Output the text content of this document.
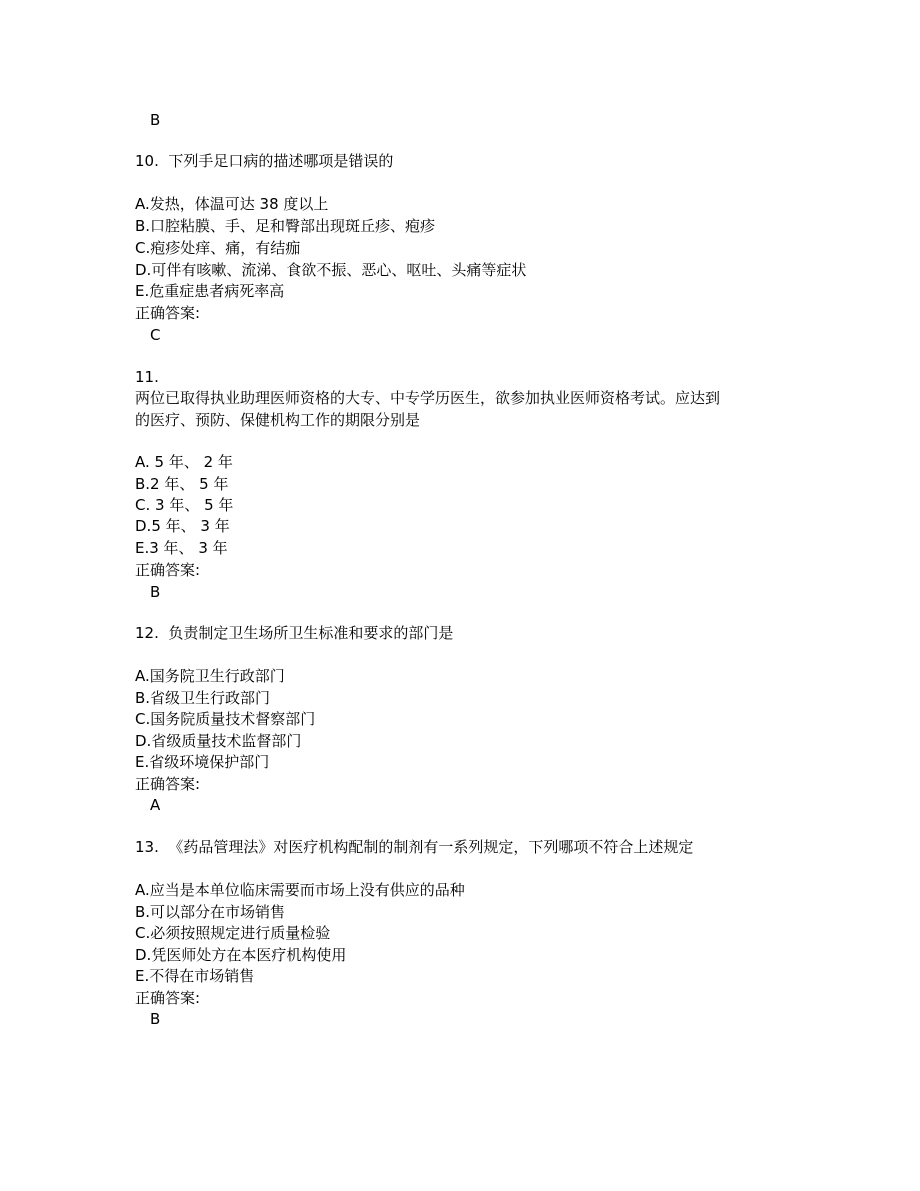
B
10.  下列手足口病的描述哪项是错误的
A.发热，体温可达 38 度以上
B.口腔粘膜、手、足和臀部出现斑丘疹、疱疹
C.疱疹处痒、痛，有结痂
D.可伴有咳嗽、流涕、食欲不振、恶心、呕吐、头痛等症状
E.危重症患者病死率高
正确答案:
C
11.
两位已取得执业助理医师资格的大专、中专学历医生，欲参加执业医师资格考试。应达到
的医疗、预防、保健机构工作的期限分别是
A. 5 年、 2 年
B.2 年、 5 年
C. 3 年、 5 年
D.5 年、 3 年
E.3 年、 3 年
正确答案:
B
12.  负责制定卫生场所卫生标准和要求的部门是
A.国务院卫生行政部门
B.省级卫生行政部门
C.国务院质量技术督察部门
D.省级质量技术监督部门
E.省级环境保护部门
正确答案:
A
13.  《药品管理法》对医疗机构配制的制剂有一系列规定，下列哪项不符合上述规定
A.应当是本单位临床需要而市场上没有供应的品种
B.可以部分在市场销售
C.必须按照规定进行质量检验
D.凭医师处方在本医疗机构使用
E.不得在市场销售
正确答案:
B
